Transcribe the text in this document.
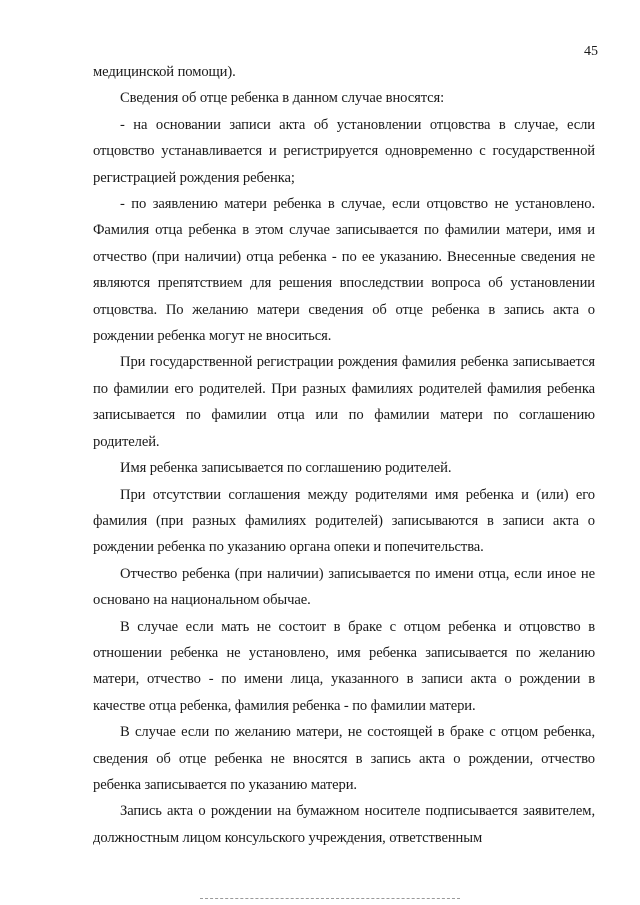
45

медицинской помощи).

Сведения об отце ребенка в данном случае вносятся:

- на основании записи акта об установлении отцовства в случае, если отцовство устанавливается и регистрируется одновременно с государственной регистрацией рождения ребенка;

- по заявлению матери ребенка в случае, если отцовство не установлено. Фамилия отца ребенка в этом случае записывается по фамилии матери, имя и отчество (при наличии) отца ребенка - по ее указанию. Внесенные сведения не являются препятствием для решения впоследствии вопроса об установлении отцовства. По желанию матери сведения об отце ребенка в запись акта о рождении ребенка могут не вноситься.

При государственной регистрации рождения фамилия ребенка записывается по фамилии его родителей. При разных фамилиях родителей фамилия ребенка записывается по фамилии отца или по фамилии матери по соглашению родителей.

Имя ребенка записывается по соглашению родителей.

При отсутствии соглашения между родителями имя ребенка и (или) его фамилия (при разных фамилиях родителей) записываются в записи акта о рождении ребенка по указанию органа опеки и попечительства.

Отчество ребенка (при наличии) записывается по имени отца, если иное не основано на национальном обычае.

В случае если мать не состоит в браке с отцом ребенка и отцовство в отношении ребенка не установлено, имя ребенка записывается по желанию матери, отчество - по имени лица, указанного в записи акта о рождении в качестве отца ребенка, фамилия ребенка - по фамилии матери.

В случае если по желанию матери, не состоящей в браке с отцом ребенка, сведения об отце ребенка не вносятся в запись акта о рождении, отчество ребенка записывается по указанию матери.

Запись акта о рождении на бумажном носителе подписывается заявителем, должностным лицом консульского учреждения, ответственным
